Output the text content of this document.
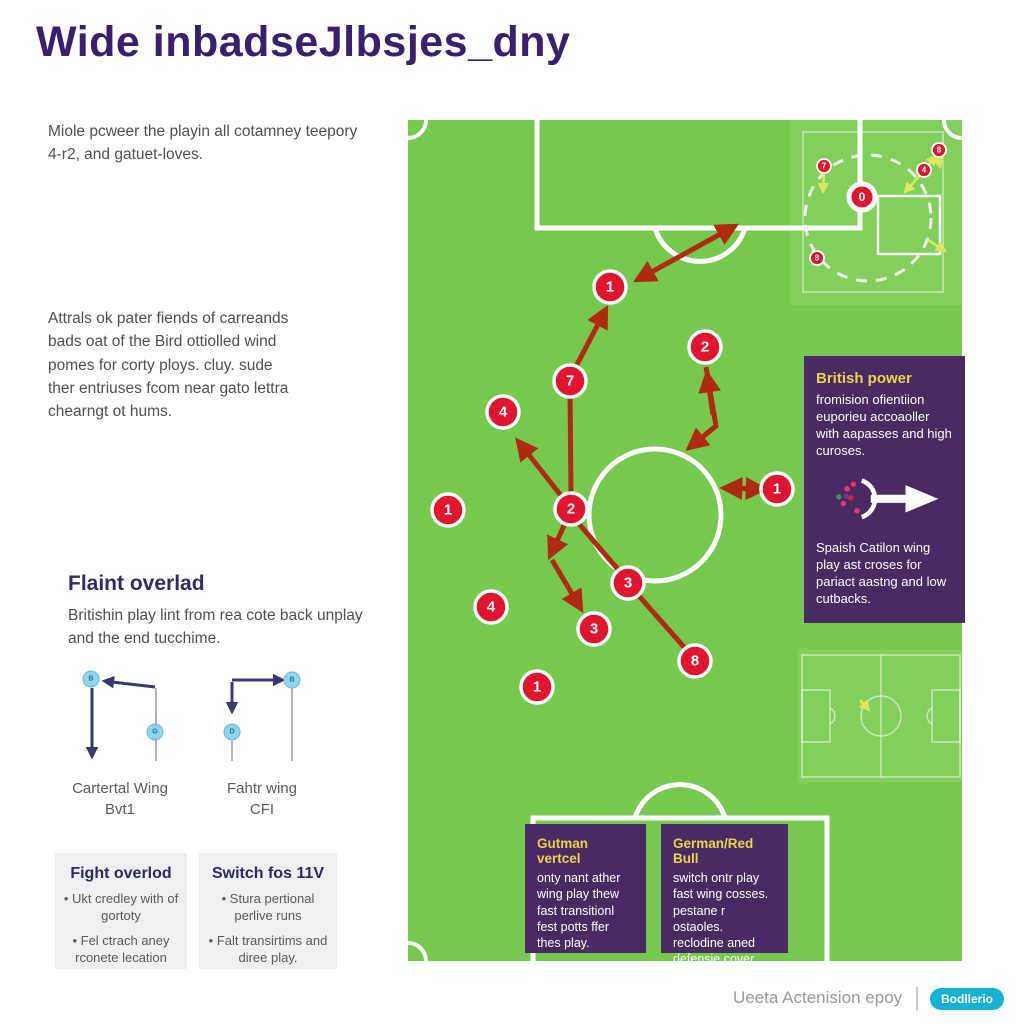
Wide inbadseJlbsjes_dny
Miole pcweer the playin all cotamney teepory 4-r2, and gatuet-loves.
Attrals ok pater fiends of carreands bads oat of the Bird ottiolled wind pomes for corty ploys. cluy. sude ther entriuses fcom near gato lettra chearngt ot hums.
Flaint overlad
Britishin play lint from rea cote back unplay and the end tucchime.
B
G
B
D
Cartertal Wing
Bvt1
Fahtr wing
CFI
Fight overlod
• Ukt credley with of gortoty
• Fel ctrach aney rconete lecation
Switch fos 11V
• Stura pertional perlive runs
• Falt transirtims and diree play.
1
2
7
4
1	2
1
3
4
3
8
1
8
4
7
8
0
British power
fromision ofientiion euporieu accoaoller with aapasses and high curoses.
Spaish Catilon wing play ast croses for pariact aastng and low cutbacks.
Gutman vertcel
onty nant ather wing play thew fast transitionl fest potts ffer thes play.
German/Red Bull
switch ontr play fast wing cosses. pestane r ostaoles. reclodine aned defensie cover.
Ueeta Actenision epoy	Bodllerio
